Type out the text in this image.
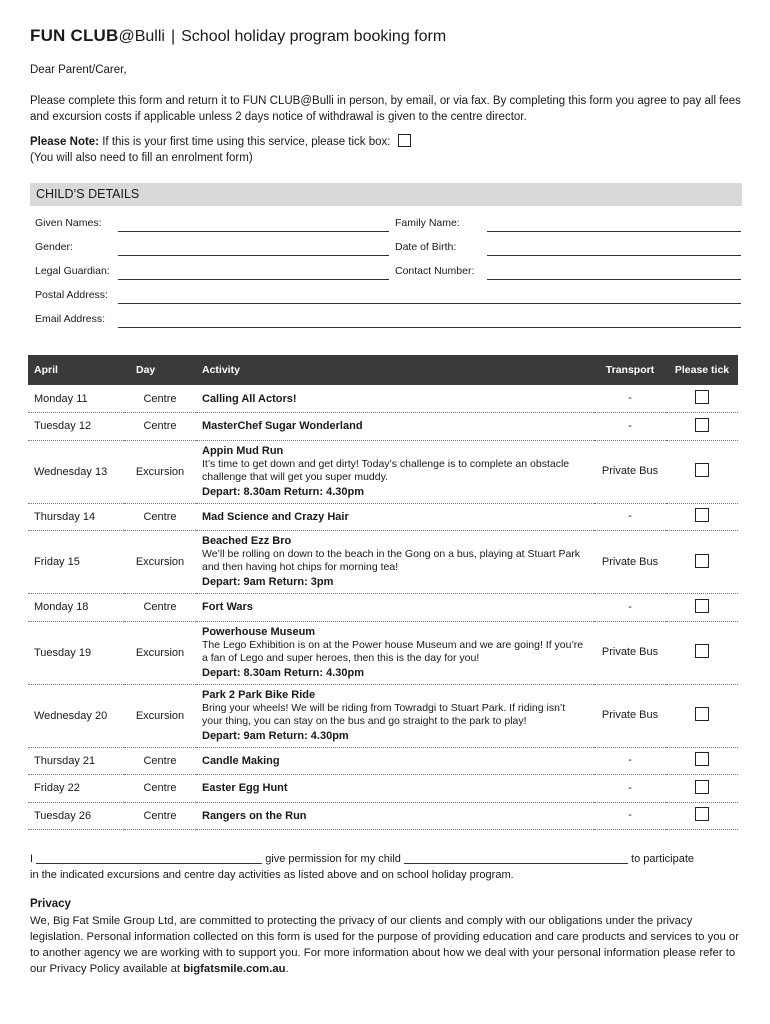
FUN CLUB@Bulli | School holiday program booking form
Dear Parent/Carer,
Please complete this form and return it to FUN CLUB@Bulli in person, by email, or via fax. By completing this form you agree to pay all fees and excursion costs if applicable unless 2 days notice of withdrawal is given to the centre director.
Please Note: If this is your first time using this service, please tick box:
(You will also need to fill an enrolment form)
CHILD’S DETAILS
Given Names:	Family Name:
Gender:	Date of Birth:
Legal Guardian:	Contact Number:
Postal Address:
Email Address:
April	Day	Activity	Transport	Please tick
Monday 11	Centre	Calling All Actors!	-	
Tuesday 12	Centre	MasterChef Sugar Wonderland	-	
Wednesday 13	Excursion	Appin Mud Run
It’s time to get down and get dirty! Today’s challenge is to complete an obstacle challenge that will get you super muddy.
Depart: 8.30am Return: 4.30pm	Private Bus	
Thursday 14	Centre	Mad Science and Crazy Hair	-	
Friday 15	Excursion	Beached Ezz Bro
We’ll be rolling on down to the beach in the Gong on a bus, playing at Stuart Park and then having hot chips for morning tea!
Depart: 9am Return: 3pm	Private Bus	
Monday 18	Centre	Fort Wars	-	
Tuesday 19	Excursion	Powerhouse Museum
The Lego Exhibition is on at the Power house Museum and we are going! If you’re a fan of Lego and super heroes, then this is the day for you!
Depart: 8.30am Return: 4.30pm	Private Bus	
Wednesday 20	Excursion	Park 2 Park Bike Ride
Bring your wheels! We will be riding from Towradgi to Stuart Park. If riding isn’t your thing, you can stay on the bus and go straight to the park to play!
Depart: 9am Return: 4.30pm	Private Bus	
Thursday 21	Centre	Candle Making	-	
Friday 22	Centre	Easter Egg Hunt	-	
Tuesday 26	Centre	Rangers on the Run	-	
I	give permission for my child	to participate
in the indicated excursions and centre day activities as listed above and on school holiday program.
Privacy
We, Big Fat Smile Group Ltd, are committed to protecting the privacy of our clients and comply with our obligations under the privacy legislation. Personal information collected on this form is used for the purpose of providing education and care products and services to you or to another agency we are working with to support you. For more information about how we deal with your personal information please refer to our Privacy Policy available at bigfatsmile.com.au.
